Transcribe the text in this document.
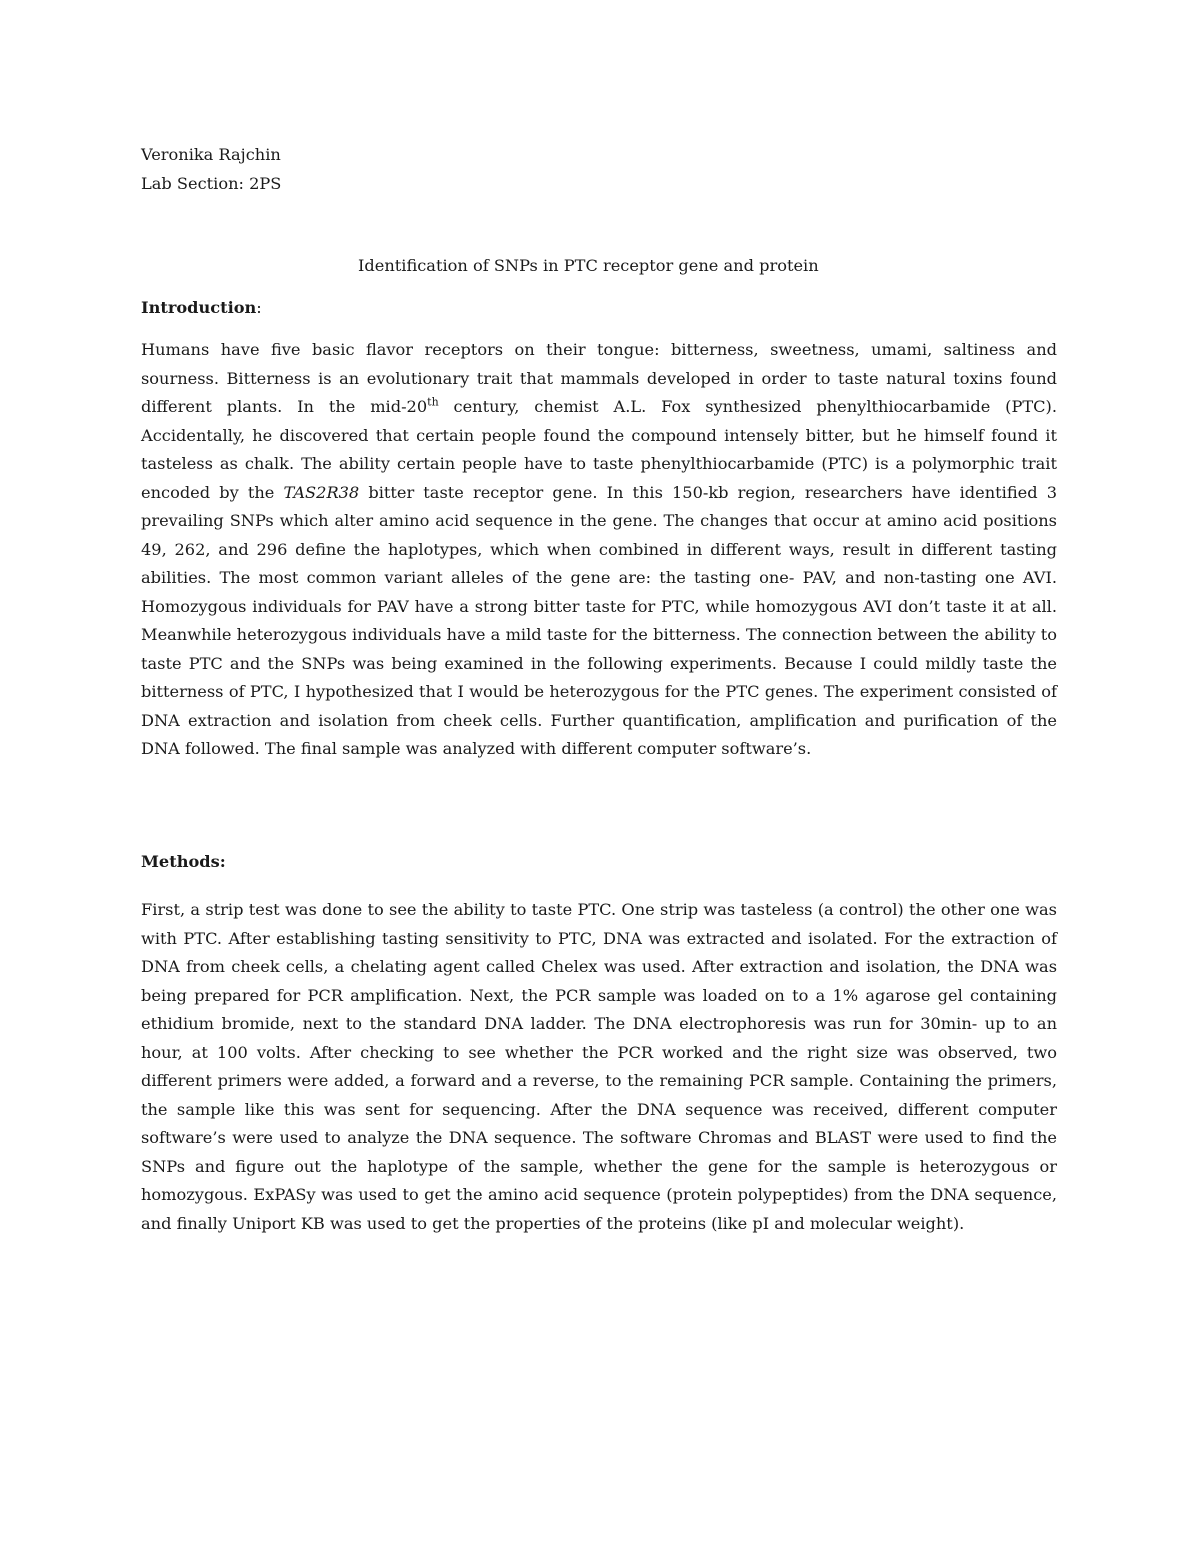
Veronika Rajchin
Lab Section: 2PS
Identification of SNPs in PTC receptor gene and protein
Introduction:
Humans have five basic flavor receptors on their tongue: bitterness, sweetness, umami, saltiness and sourness. Bitterness is an evolutionary trait that mammals developed in order to taste natural toxins found different plants. In the mid-20th century, chemist A.L. Fox synthesized phenylthiocarbamide (PTC). Accidentally, he discovered that certain people found the compound intensely bitter, but he himself found it tasteless as chalk. The ability certain people have to taste phenylthiocarbamide (PTC) is a polymorphic trait encoded by the TAS2R38 bitter taste receptor gene. In this 150-kb region, researchers have identified 3 prevailing SNPs which alter amino acid sequence in the gene. The changes that occur at amino acid positions 49, 262, and 296 define the haplotypes, which when combined in different ways, result in different tasting abilities. The most common variant alleles of the gene are: the tasting one- PAV, and non-tasting one AVI. Homozygous individuals for PAV have a strong bitter taste for PTC, while homozygous AVI don’t taste it at all. Meanwhile heterozygous individuals have a mild taste for the bitterness. The connection between the ability to taste PTC and the SNPs was being examined in the following experiments. Because I could mildly taste the bitterness of PTC, I hypothesized that I would be heterozygous for the PTC genes. The experiment consisted of DNA extraction and isolation from cheek cells. Further quantification, amplification and purification of the DNA followed. The final sample was analyzed with different computer software’s.
Methods:
First, a strip test was done to see the ability to taste PTC. One strip was tasteless (a control) the other one was with PTC. After establishing tasting sensitivity to PTC, DNA was extracted and isolated. For the extraction of DNA from cheek cells, a chelating agent called Chelex was used. After extraction and isolation, the DNA was being prepared for PCR amplification. Next, the PCR sample was loaded on to a 1% agarose gel containing ethidium bromide, next to the standard DNA ladder. The DNA electrophoresis was run for 30min- up to an hour, at 100 volts. After checking to see whether the PCR worked and the right size was observed, two different primers were added, a forward and a reverse, to the remaining PCR sample. Containing the primers, the sample like this was sent for sequencing. After the DNA sequence was received, different computer software’s were used to analyze the DNA sequence. The software Chromas and BLAST were used to find the SNPs and figure out the haplotype of the sample, whether the gene for the sample is heterozygous or homozygous. ExPASy was used to get the amino acid sequence (protein polypeptides) from the DNA sequence, and finally Uniport KB was used to get the properties of the proteins (like pI and molecular weight).
